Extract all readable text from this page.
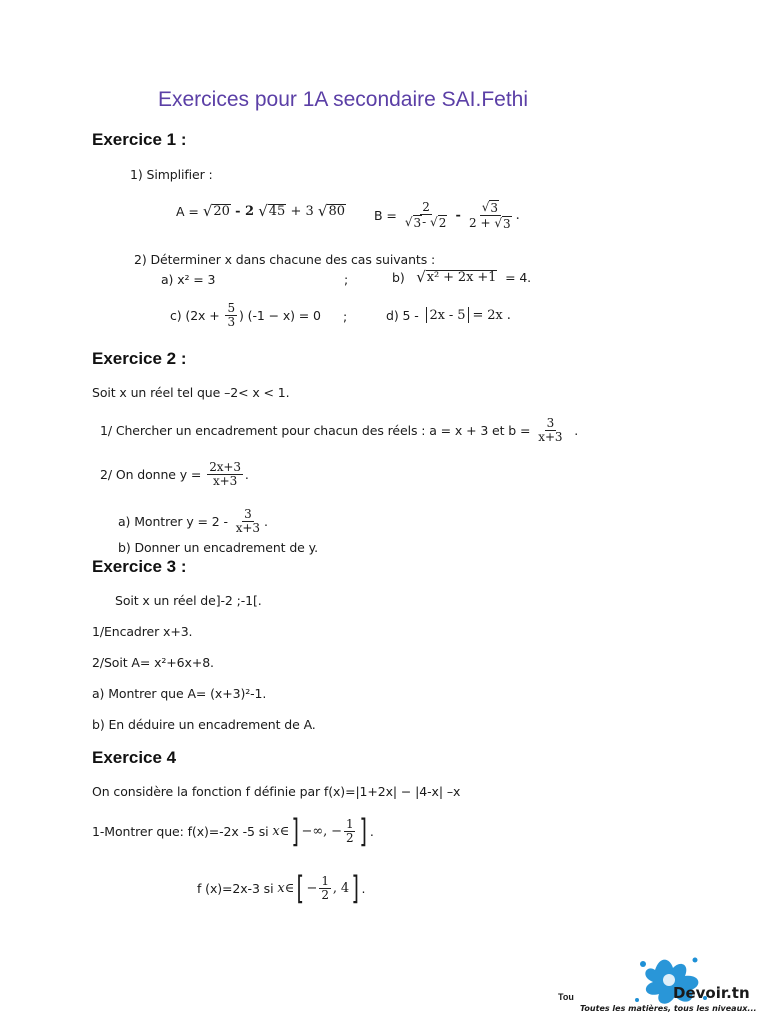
Exercices pour 1A secondaire SAI.Fethi
Exercice 1 :
1) Simplifier :
A =
√ 20
- 2
√ 45
+ 3
√ 80 B =
$\frac{2}{√ 3 - √ 2}$
-
$\frac{√ 3}{2 + √ 3}$ .
2) Déterminer x dans chacune des cas suivants :
a) x² = 3	;	b)
√ x² + 2x +1
= 4.
c) (2x +
$\frac{5}{3}$ ) (-1 − x) = 0 ;	d) 5 -
2x - 5 = 2x .
Exercice 2 :
Soit x un réel tel que –2< x < 1.
1/ Chercher un encadrement pour chacun des réels : a = x + 3 et b =
$\frac{3}{x+3}$
.
2/ On donne y =
$\frac{2x+3}{x+3}$ .
a) Montrer y = 2 -
$\frac{3}{x+3}$ .
b) Donner un encadrement de y.
Exercice 3 :
Soit x un réel de]-2 ;-1[.
1/Encadrer x+3.
2/Soit A= x²+6x+8.
a) Montrer que A= (x+3)²-1.
b) En déduire un encadrement de A.
Exercice 4
On considère la fonction f définie par f(x)=|1+2x| − |4-x| –x
1-Montrer que: f(x)=-2x -5 si
x ∈ ] −∞, − $\frac{1}{2}$ ] .
f (x)=2x-3 si
x ∈ [ − $\frac{1}{2}$ , 4 ] .
Tou	Devoir.tn
Toutes les matières, tous les niveaux...
